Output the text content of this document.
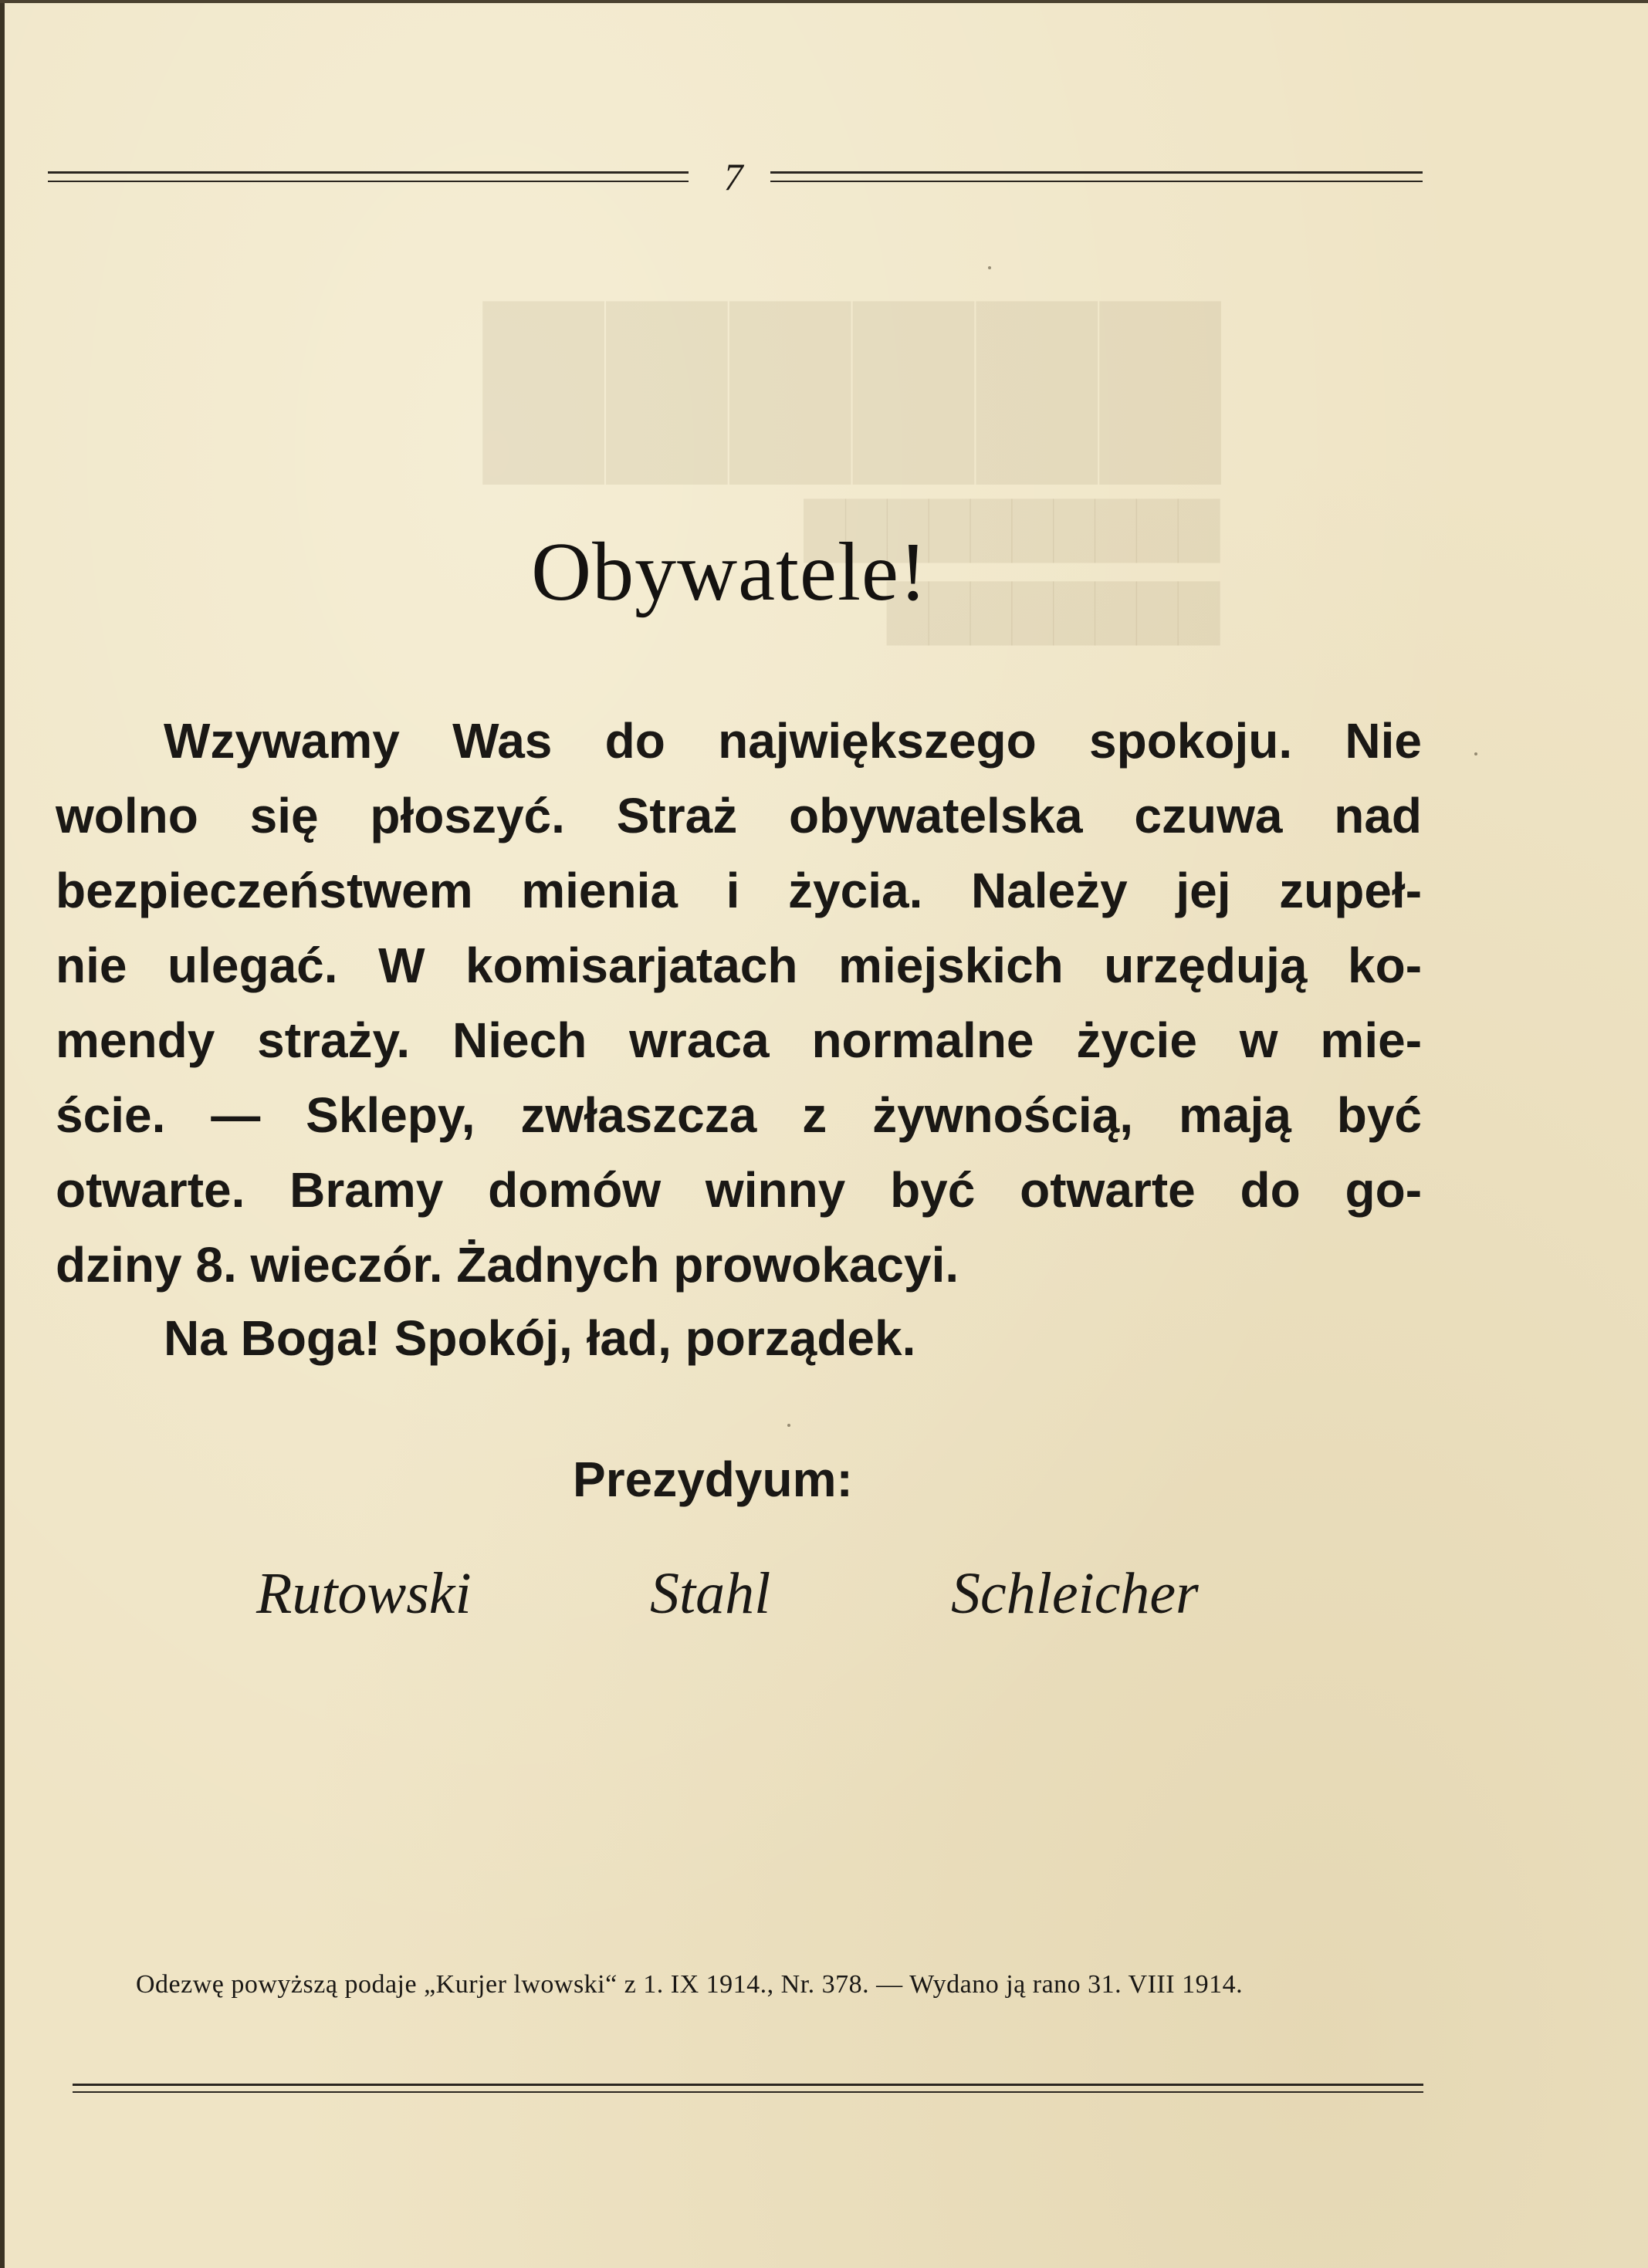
7
██████
██████████
████████
Obywatele!
Wzywamy Was do największego spokoju. Nie
wolno się płoszyć. Straż obywatelska czuwa nad
bezpieczeństwem mienia i życia. Należy jej zupeł-
nie ulegać. W komisarjatach miejskich urzędują ko-
mendy straży. Niech wraca normalne życie w mie-
ście. — Sklepy, zwłaszcza z żywnością, mają być
otwarte. Bramy domów winny być otwarte do go-
dziny 8. wieczór. Żadnych prowokacyi.
Na Boga! Spokój, ład, porządek.
Prezydyum:
Rutowski	Stahl	Schleicher
Odezwę powyższą podaje „Kurjer lwowski“ z 1. IX 1914., Nr. 378. — Wydano ją rano 31. VIII 1914.
